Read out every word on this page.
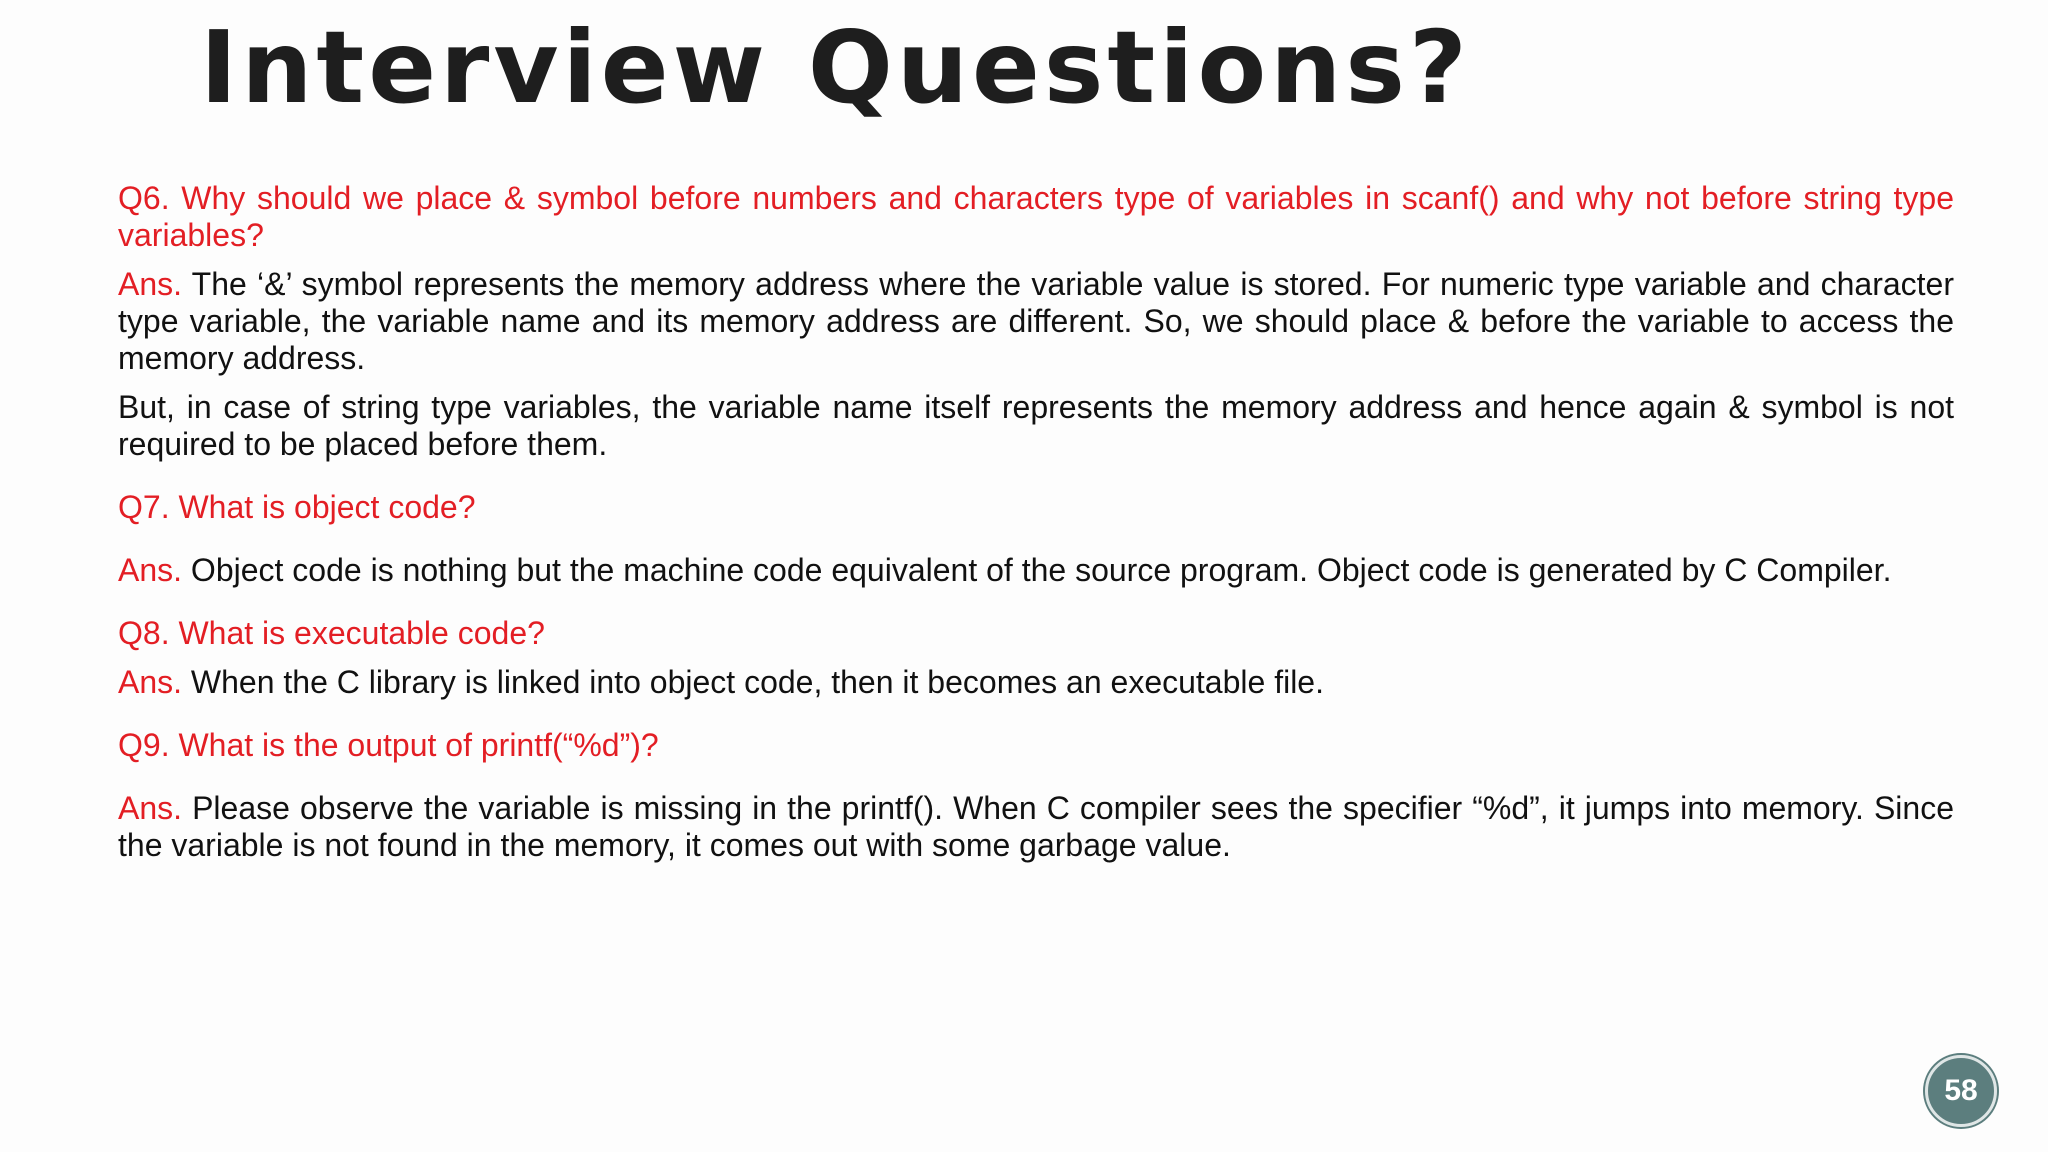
Interview Questions?

Q6. Why should we place & symbol before numbers and characters type of variables in scanf() and why not before string type variables?

Ans. The ‘&’ symbol represents the memory address where the variable value is stored. For numeric type variable and character type variable, the variable name and its memory address are different. So, we should place & before the variable to access the memory address.

But, in case of string type variables, the variable name itself represents the memory address and hence again & symbol is not required to be placed before them.

Q7. What is object code?

Ans. Object code is nothing but the machine code equivalent of the source program. Object code is generated by C Compiler.

Q8. What is executable code?

Ans. When the C library is linked into object code, then it becomes an executable file.

Q9. What is the output of printf(“%d”)?

Ans. Please observe the variable is missing in the printf(). When C compiler sees the specifier “%d”, it jumps into memory. Since the variable is not found in the memory, it comes out with some garbage value.

58
